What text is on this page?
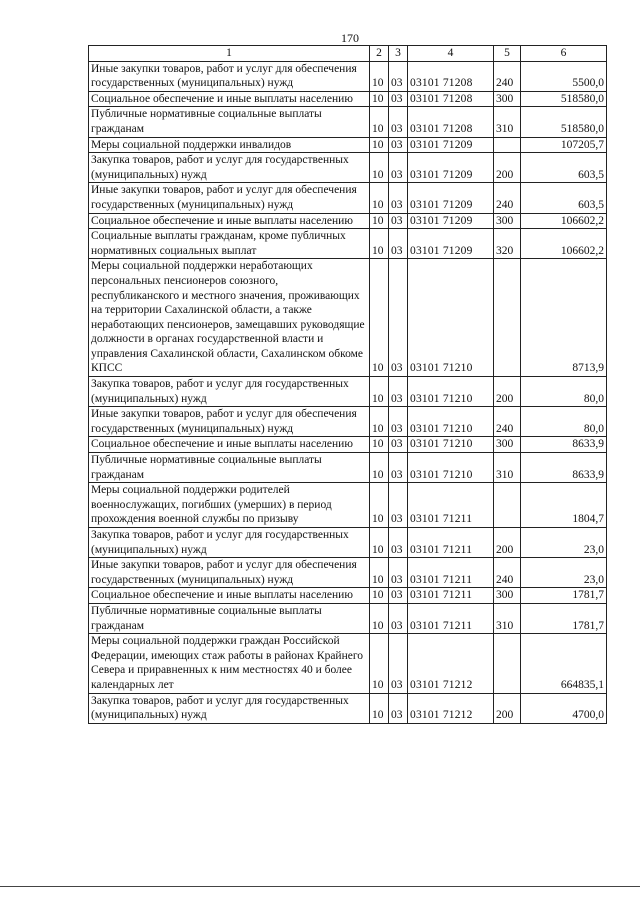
170
1	2	3	4	5	6
Иные закупки товаров, работ и услуг для обеспечения государственных (муниципальных) нужд	10	03	03101 71208	240	5500,0
Социальное обеспечение и иные выплаты населению	10	03	03101 71208	300	518580,0
Публичные нормативные социальные выплаты гражданам	10	03	03101 71208	310	518580,0
Меры социальной поддержки инвалидов	10	03	03101 71209		107205,7
Закупка товаров, работ и услуг для государственных (муниципальных) нужд	10	03	03101 71209	200	603,5
Иные закупки товаров, работ и услуг для обеспечения государственных (муниципальных) нужд	10	03	03101 71209	240	603,5
Социальное обеспечение и иные выплаты населению	10	03	03101 71209	300	106602,2
Социальные выплаты гражданам, кроме публичных нормативных социальных выплат	10	03	03101 71209	320	106602,2
Меры социальной поддержки неработающих персональных пенсионеров союзного, республиканского и местного значения, проживающих на территории Сахалинской области, а также неработающих пенсионеров, замещавших руководящие должности в органах государственной власти и управления Сахалинской области, Сахалинском обкоме КПСС	10	03	03101 71210		8713,9
Закупка товаров, работ и услуг для государственных (муниципальных) нужд	10	03	03101 71210	200	80,0
Иные закупки товаров, работ и услуг для обеспечения государственных (муниципальных) нужд	10	03	03101 71210	240	80,0
Социальное обеспечение и иные выплаты населению	10	03	03101 71210	300	8633,9
Публичные нормативные социальные выплаты гражданам	10	03	03101 71210	310	8633,9
Меры социальной поддержки родителей военнослужащих, погибших (умерших) в период прохождения военной службы по призыву	10	03	03101 71211		1804,7
Закупка товаров, работ и услуг для государственных (муниципальных) нужд	10	03	03101 71211	200	23,0
Иные закупки товаров, работ и услуг для обеспечения государственных (муниципальных) нужд	10	03	03101 71211	240	23,0
Социальное обеспечение и иные выплаты населению	10	03	03101 71211	300	1781,7
Публичные нормативные социальные выплаты гражданам	10	03	03101 71211	310	1781,7
Меры социальной поддержки граждан Российской Федерации, имеющих стаж работы в районах Крайнего Севера и приравненных к ним местностях 40 и более календарных лет	10	03	03101 71212		664835,1
Закупка товаров, работ и услуг для государственных (муниципальных) нужд	10	03	03101 71212	200	4700,0
